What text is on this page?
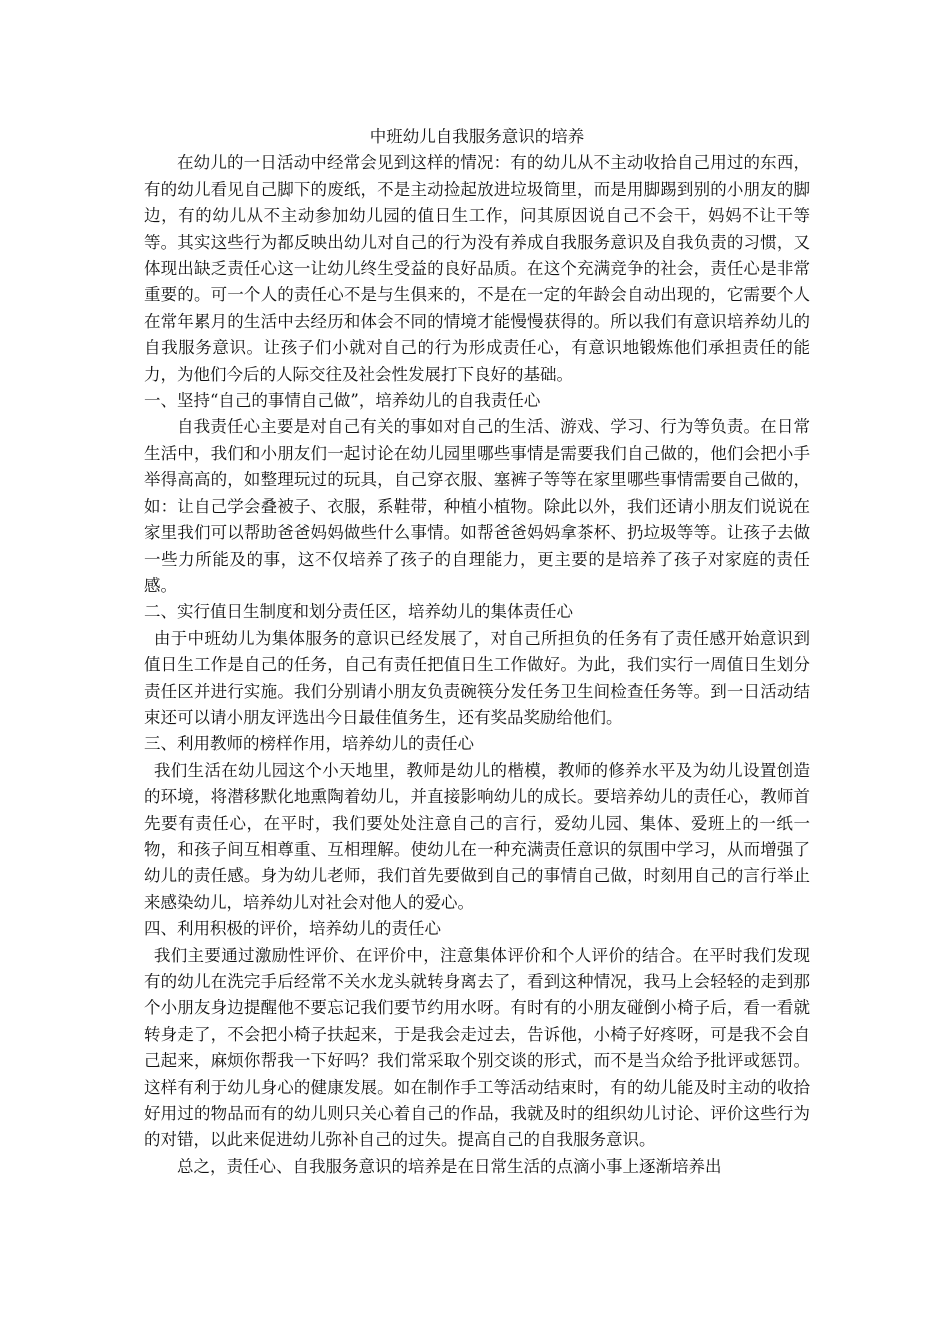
中班幼儿自我服务意识的培养

在幼儿的一日活动中经常会见到这样的情况：有的幼儿从不主动收拾自己用过的东西，有的幼儿看见自己脚下的废纸，不是主动捡起放进垃圾筒里，而是用脚踢到别的小朋友的脚边，有的幼儿从不主动参加幼儿园的值日生工作，问其原因说自己不会干，妈妈不让干等等。其实这些行为都反映出幼儿对自己的行为没有养成自我服务意识及自我负责的习惯，又体现出缺乏责任心这一让幼儿终生受益的良好品质。在这个充满竞争的社会，责任心是非常重要的。可一个人的责任心不是与生俱来的，不是在一定的年龄会自动出现的，它需要个人在常年累月的生活中去经历和体会不同的情境才能慢慢获得的。所以我们有意识培养幼儿的自我服务意识。让孩子们小就对自己的行为形成责任心，有意识地锻炼他们承担责任的能力，为他们今后的人际交往及社会性发展打下良好的基础。

一、坚持“自己的事情自己做”，培养幼儿的自我责任心

自我责任心主要是对自己有关的事如对自己的生活、游戏、学习、行为等负责。在日常生活中，我们和小朋友们一起讨论在幼儿园里哪些事情是需要我们自己做的，他们会把小手举得高高的，如整理玩过的玩具，自己穿衣服、塞裤子等等在家里哪些事情需要自己做的，如：让自己学会叠被子、衣服，系鞋带，种植小植物。除此以外，我们还请小朋友们说说在家里我们可以帮助爸爸妈妈做些什么事情。如帮爸爸妈妈拿茶杯、扔垃圾等等。让孩子去做一些力所能及的事，这不仅培养了孩子的自理能力，更主要的是培养了孩子对家庭的责任感。

二、实行值日生制度和划分责任区，培养幼儿的集体责任心

由于中班幼儿为集体服务的意识已经发展了，对自己所担负的任务有了责任感开始意识到值日生工作是自己的任务，自己有责任把值日生工作做好。为此，我们实行一周值日生划分责任区并进行实施。我们分别请小朋友负责碗筷分发任务卫生间检查任务等。到一日活动结束还可以请小朋友评选出今日最佳值务生，还有奖品奖励给他们。

三、利用教师的榜样作用，培养幼儿的责任心

我们生活在幼儿园这个小天地里，教师是幼儿的楷模，教师的修养水平及为幼儿设置创造的环境，将潜移默化地熏陶着幼儿，并直接影响幼儿的成长。要培养幼儿的责任心，教师首先要有责任心，在平时，我们要处处注意自己的言行，爱幼儿园、集体、爱班上的一纸一物，和孩子间互相尊重、互相理解。使幼儿在一种充满责任意识的氛围中学习，从而增强了幼儿的责任感。身为幼儿老师，我们首先要做到自己的事情自己做，时刻用自己的言行举止来感染幼儿，培养幼儿对社会对他人的爱心。

四、利用积极的评价，培养幼儿的责任心

我们主要通过激励性评价、在评价中，注意集体评价和个人评价的结合。在平时我们发现有的幼儿在洗完手后经常不关水龙头就转身离去了，看到这种情况，我马上会轻轻的走到那个小朋友身边提醒他不要忘记我们要节约用水呀。有时有的小朋友碰倒小椅子后，看一看就转身走了，不会把小椅子扶起来，于是我会走过去，告诉他，小椅子好疼呀，可是我不会自己起来，麻烦你帮我一下好吗？我们常采取个别交谈的形式，而不是当众给予批评或惩罚。这样有利于幼儿身心的健康发展。如在制作手工等活动结束时，有的幼儿能及时主动的收拾好用过的物品而有的幼儿则只关心着自己的作品，我就及时的组织幼儿讨论、评价这些行为的对错，以此来促进幼儿弥补自己的过失。提高自己的自我服务意识。

总之，责任心、自我服务意识的培养是在日常生活的点滴小事上逐渐培养出
